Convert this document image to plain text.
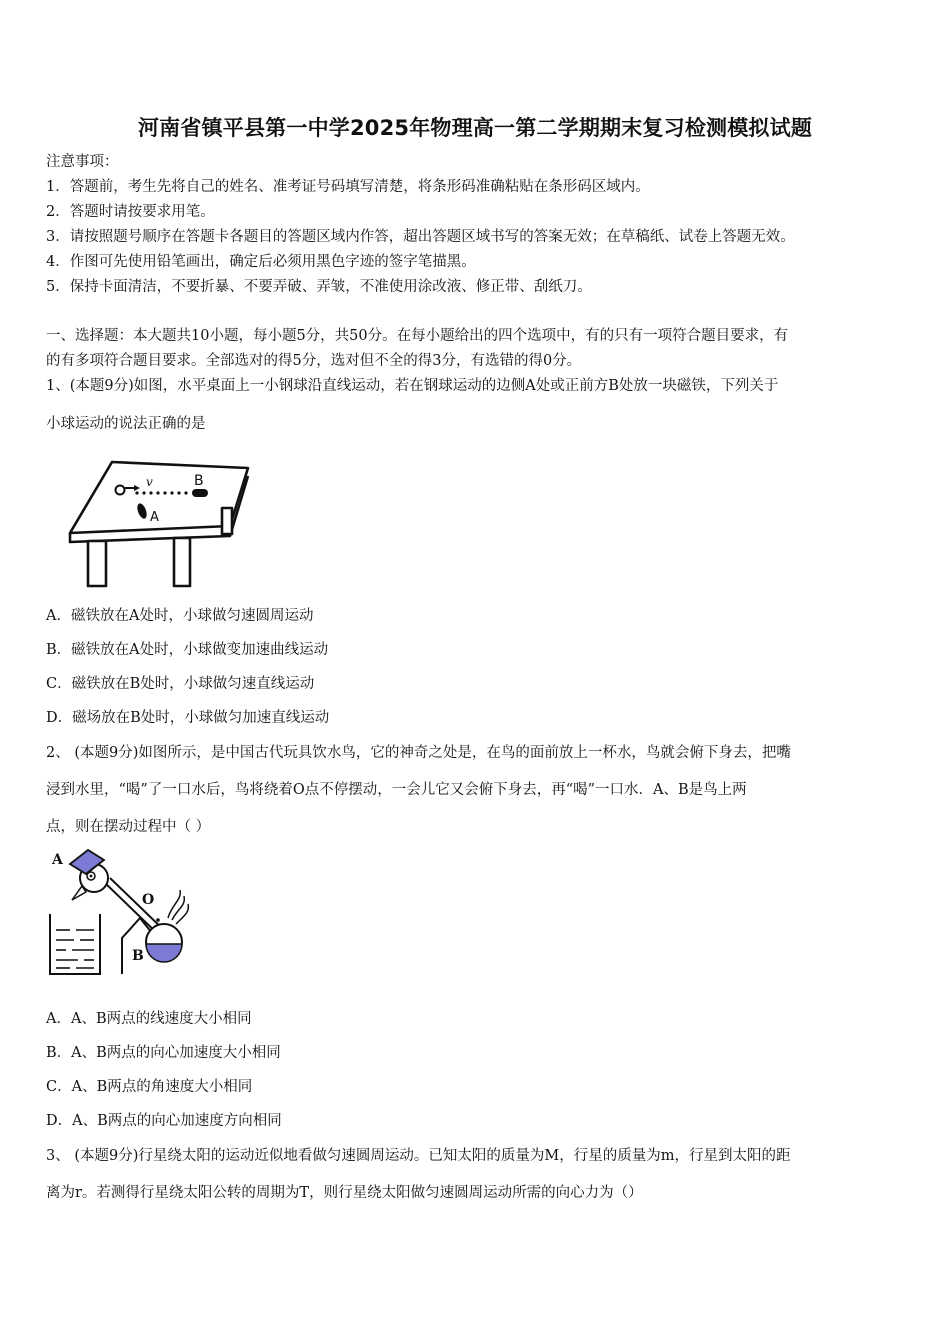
河南省镇平县第一中学2025年物理高一第二学期期末复习检测模拟试题
注意事项：
1．答题前，考生先将自己的姓名、准考证号码填写清楚，将条形码准确粘贴在条形码区域内。
2．答题时请按要求用笔。
3．请按照题号顺序在答题卡各题目的答题区域内作答，超出答题区域书写的答案无效；在草稿纸、试卷上答题无效。
4．作图可先使用铅笔画出，确定后必须用黑色字迹的签字笔描黑。
5．保持卡面清洁，不要折暴、不要弄破、弄皱，不准使用涂改液、修正带、刮纸刀。
一、选择题：本大题共10小题，每小题5分，共50分。在每小题给出的四个选项中，有的只有一项符合题目要求，有
的有多项符合题目要求。全部选对的得5分，选对但不全的得3分，有选错的得0分。
1、(本题9分)如图，水平桌面上一小钢球沿直线运动，若在钢球运动的边侧A处或正前方B处放一块磁铁，下列关于
小球运动的说法正确的是
v	B
A
A．磁铁放在A处时，小球做匀速圆周运动
B．磁铁放在A处时，小球做变加速曲线运动
C．磁铁放在B处时，小球做匀速直线运动
D．磁场放在B处时，小球做匀加速直线运动
2、 (本题9分)如图所示，是中国古代玩具饮水鸟，它的神奇之处是，在鸟的面前放上一杯水，鸟就会俯下身去，把嘴
浸到水里，“喝”了一口水后，鸟将绕着O点不停摆动，一会儿它又会俯下身去，再“喝”一口水．A、B是鸟上两
点，则在摆动过程中（ ）
A
O
B
A．A、B两点的线速度大小相同
B．A、B两点的向心加速度大小相同
C．A、B两点的角速度大小相同
D．A、B两点的向心加速度方向相同
3、 (本题9分)行星绕太阳的运动近似地看做匀速圆周运动。已知太阳的质量为M，行星的质量为m，行星到太阳的距
离为r。若测得行星绕太阳公转的周期为T，则行星绕太阳做匀速圆周运动所需的向心力为（）
